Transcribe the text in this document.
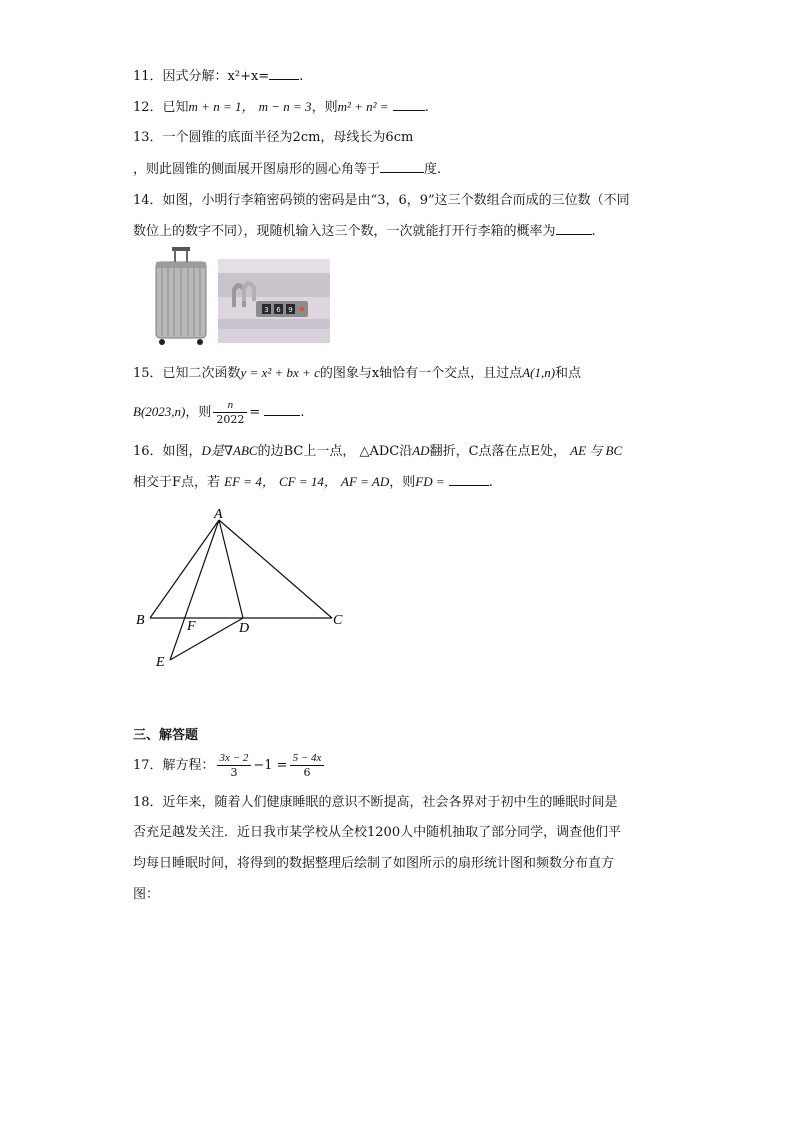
11．因式分解：x²+x= .
12．已知m + n = 1， m − n = 3，则m² + n² =	.
13．一个圆锥的底面半径为2cm，母线长为6cm
，则此圆锥的侧面展开图扇形的圆心角等于	度.
14．如图，小明行李箱密码锁的密码是由“3，6，9”这三个数组合而成的三位数（不同
数位上的数字不同），现随机输入这三个数，一次就能打开行李箱的概率为	.
3 6 9
15．已知二次函数y = x² + bx + c的图象与x轴恰有一个交点，且过点A(1,n)和点
B(2023,n)，则 $\frac{n}{2022}$ =	.
16．如图，D是∇ABC的边BC上一点， △ADC沿AD翻折，C点落在点E处， AE 与 BC
相交于F点，若 EF = 4， CF = 14， AF = AD，则FD =	.
A
B	C
D
E
F
三、解答题
17．解方程： $\frac{3x - 2}{3} -1 = \frac{5 - 4x}{6}$
18．近年来，随着人们健康睡眠的意识不断提高，社会各界对于初中生的睡眠时间是
否充足越发关注．近日我市某学校从全校1200人中随机抽取了部分同学，调查他们平
均每日睡眠时间，将得到的数据整理后绘制了如图所示的扇形统计图和频数分布直方
图：
